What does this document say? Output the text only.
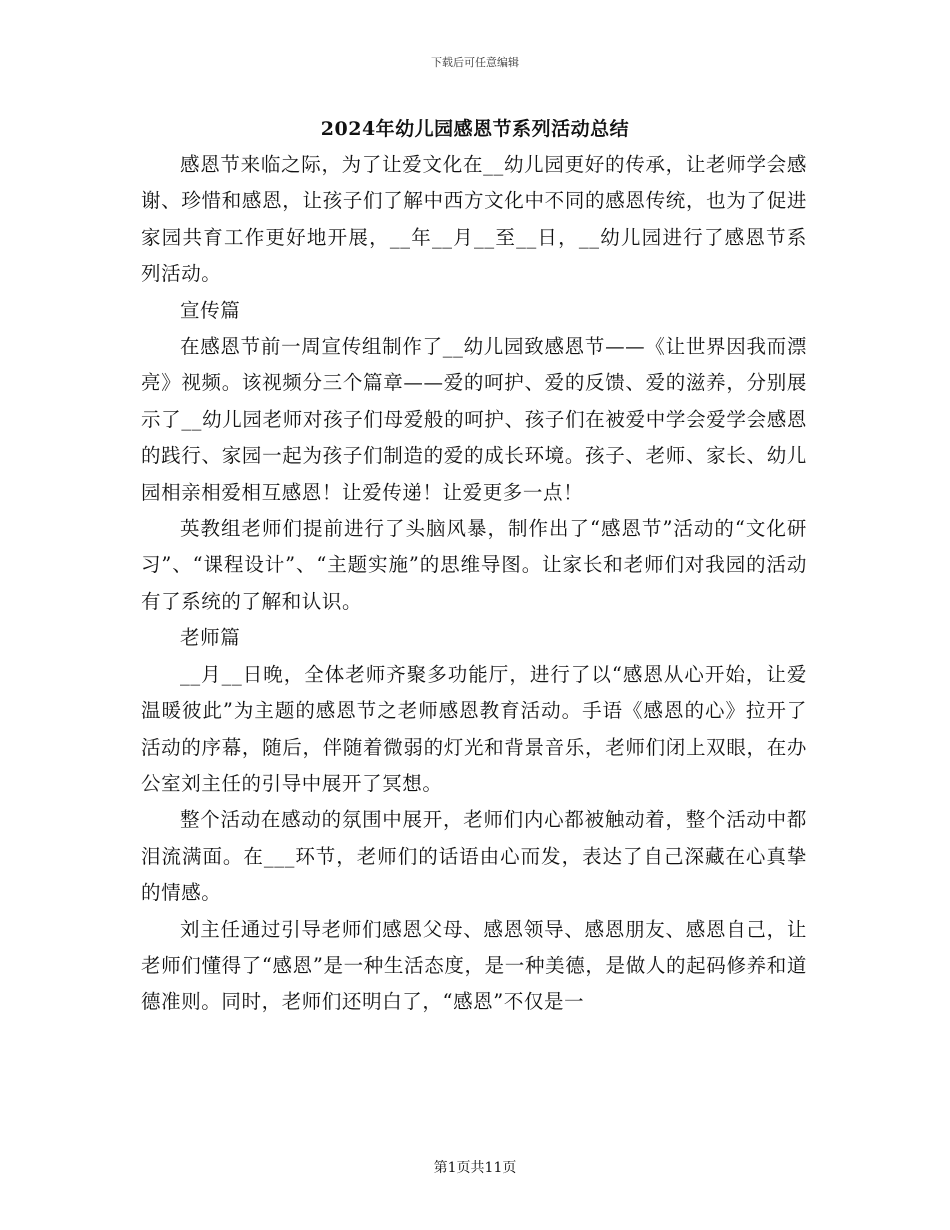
下载后可任意编辑
2024年幼儿园感恩节系列活动总结

感恩节来临之际，为了让爱文化在__幼儿园更好的传承，让老师学会感谢、珍惜和感恩，让孩子们了解中西方文化中不同的感恩传统，也为了促进家园共育工作更好地开展，__年__月__至__日，__幼儿园进行了感恩节系列活动。

宣传篇

在感恩节前一周宣传组制作了__幼儿园致感恩节——《让世界因我而漂亮》视频。该视频分三个篇章——爱的呵护、爱的反馈、爱的滋养，分别展示了__幼儿园老师对孩子们母爱般的呵护、孩子们在被爱中学会爱学会感恩的践行、家园一起为孩子们制造的爱的成长环境。孩子、老师、家长、幼儿园相亲相爱相互感恩！让爱传递！让爱更多一点！

英教组老师们提前进行了头脑风暴，制作出了“感恩节”活动的“文化研习”、“课程设计”、“主题实施”的思维导图。让家长和老师们对我园的活动有了系统的了解和认识。

老师篇

__月__日晚，全体老师齐聚多功能厅，进行了以“感恩从心开始，让爱温暖彼此”为主题的感恩节之老师感恩教育活动。手语《感恩的心》拉开了活动的序幕，随后，伴随着微弱的灯光和背景音乐，老师们闭上双眼，在办公室刘主任的引导中展开了冥想。

整个活动在感动的氛围中展开，老师们内心都被触动着，整个活动中都泪流满面。在___环节，老师们的话语由心而发，表达了自己深藏在心真挚的情感。

刘主任通过引导老师们感恩父母、感恩领导、感恩朋友、感恩自己，让老师们懂得了“感恩”是一种生活态度，是一种美德，是做人的起码修养和道德准则。同时，老师们还明白了，“感恩”不仅是一

第1页共11页
